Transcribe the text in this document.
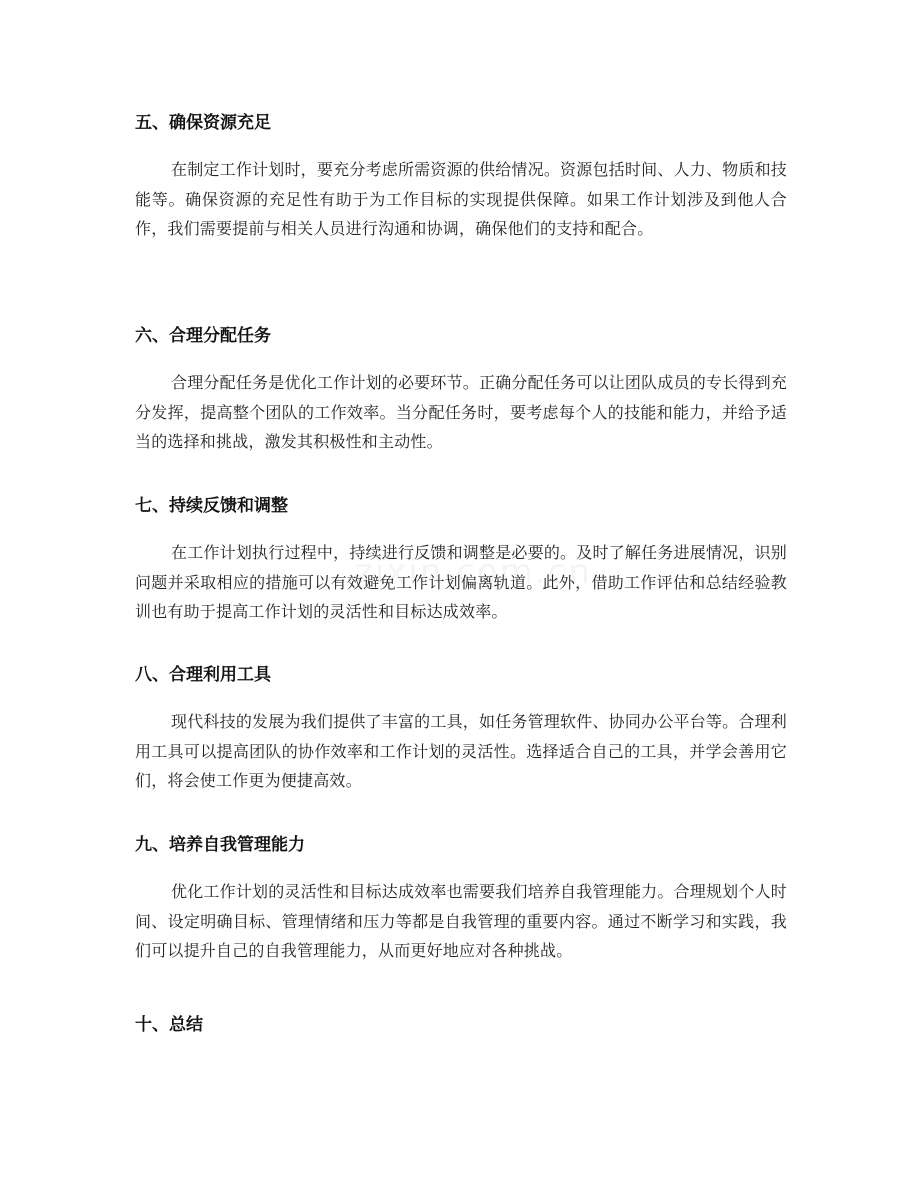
五、确保资源充足

在制定工作计划时，要充分考虑所需资源的供给情况。资源包括时间、人力、物质和技能等。确保资源的充足性有助于为工作目标的实现提供保障。如果工作计划涉及到他人合作，我们需要提前与相关人员进行沟通和协调，确保他们的支持和配合。

六、合理分配任务

合理分配任务是优化工作计划的必要环节。正确分配任务可以让团队成员的专长得到充分发挥，提高整个团队的工作效率。当分配任务时，要考虑每个人的技能和能力，并给予适当的选择和挑战，激发其积极性和主动性。

七、持续反馈和调整

在工作计划执行过程中，持续进行反馈和调整是必要的。及时了解任务进展情况，识别问题并采取相应的措施可以有效避免工作计划偏离轨道。此外，借助工作评估和总结经验教训也有助于提高工作计划的灵活性和目标达成效率。

八、合理利用工具

现代科技的发展为我们提供了丰富的工具，如任务管理软件、协同办公平台等。合理利用工具可以提高团队的协作效率和工作计划的灵活性。选择适合自己的工具，并学会善用它们，将会使工作更为便捷高效。

九、培养自我管理能力

优化工作计划的灵活性和目标达成效率也需要我们培养自我管理能力。合理规划个人时间、设定明确目标、管理情绪和压力等都是自我管理的重要内容。通过不断学习和实践，我们可以提升自己的自我管理能力，从而更好地应对各种挑战。

十、总结
